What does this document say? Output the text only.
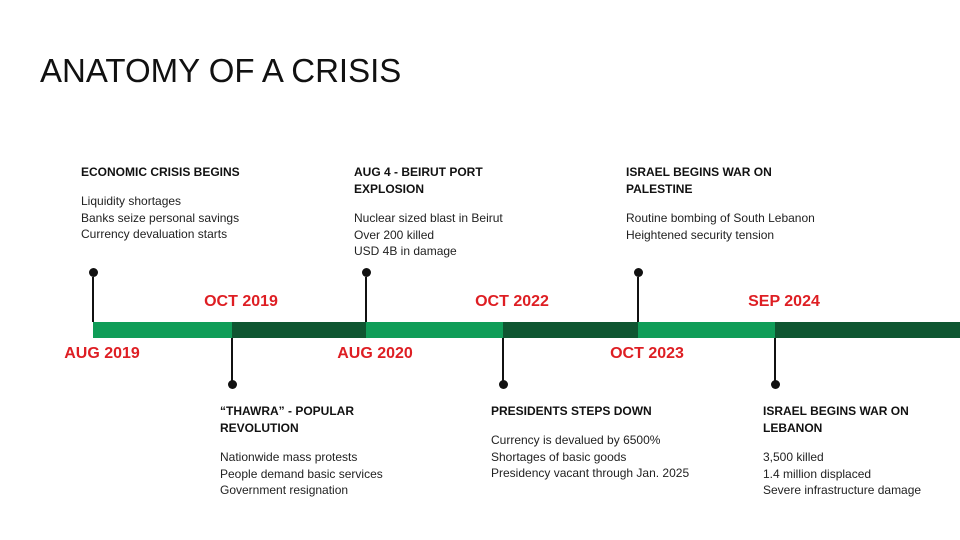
ANATOMY OF A CRISIS
ECONOMIC CRISIS BEGINS
Liquidity shortages
Banks seize personal savings
Currency devaluation starts
AUG 2019
“THAWRA” - POPULAR REVOLUTION
Nationwide mass protests
People demand basic services
Government resignation
OCT 2019
AUG 4 - BEIRUT PORT EXPLOSION
Nuclear sized blast in Beirut
Over 200 killed
USD 4B in damage
AUG 2020
PRESIDENTS STEPS DOWN
Currency is devalued by 6500%
Shortages of basic goods
Presidency vacant through Jan. 2025
OCT 2022
ISRAEL BEGINS WAR ON PALESTINE
Routine bombing of South Lebanon
Heightened security tension
OCT 2023
ISRAEL BEGINS WAR ON LEBANON
3,500 killed
1.4 million displaced
Severe infrastructure damage
SEP 2024
